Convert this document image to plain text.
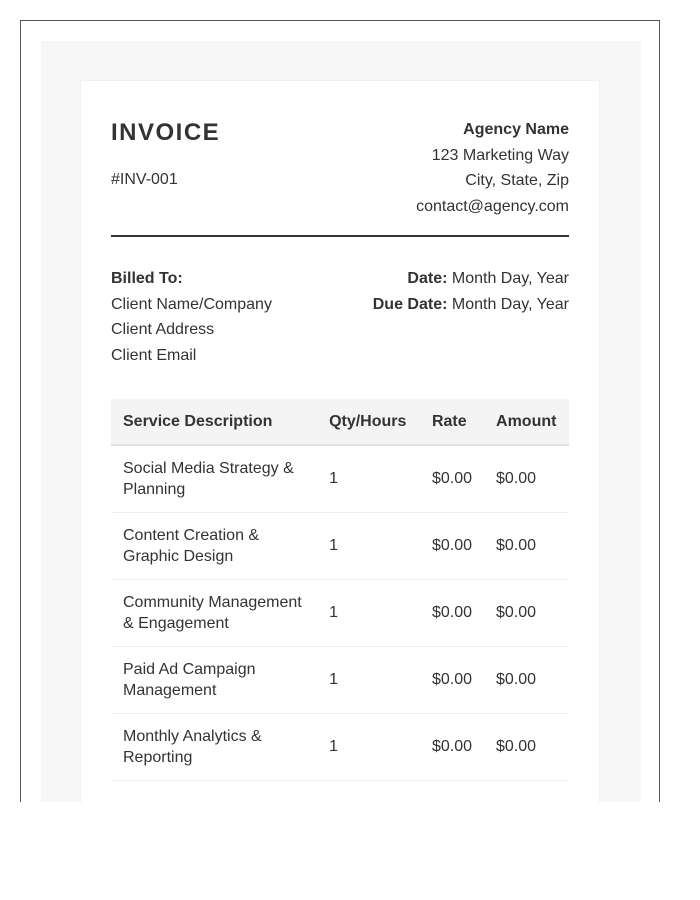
INVOICE
#INV-001
Agency Name
123 Marketing Way
City, State, Zip
contact@agency.com
Billed To:
Client Name/Company
Client Address
Client Email
Date: Month Day, Year
Due Date: Month Day, Year
Service Description	Qty/Hours	Rate	Amount
Social Media Strategy & Planning	1	$0.00	$0.00
Content Creation & Graphic Design	1	$0.00	$0.00
Community Management & Engagement	1	$0.00	$0.00
Paid Ad Campaign Management	1	$0.00	$0.00
Monthly Analytics & Reporting	1	$0.00	$0.00
